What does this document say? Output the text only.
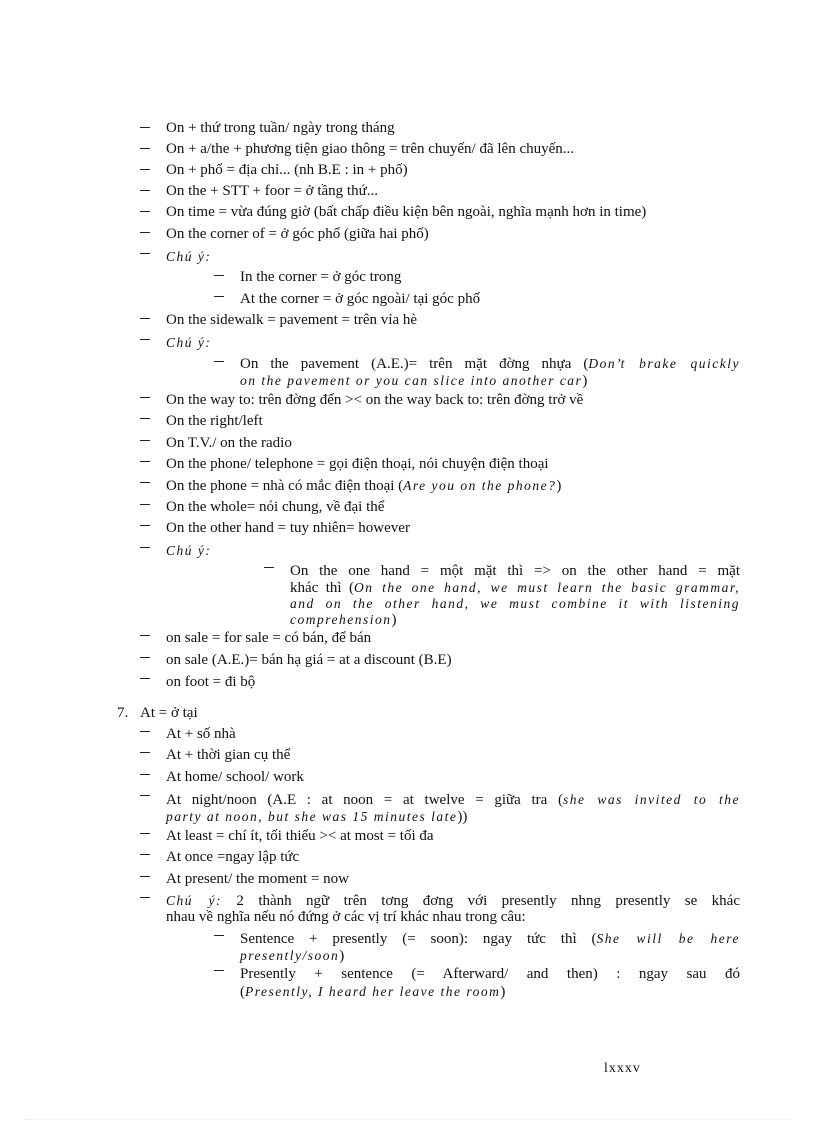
On + thứ trong tuần/ ngày trong tháng
On + a/the + phương tiện giao thông = trên chuyến/ đã lên chuyến...
On + phố = địa chỉ... (nh B.E : in + phố)
On the + STT + foor = ở tầng thứ...
On time = vừa đúng giờ (bất chấp điều kiện bên ngoài, nghĩa mạnh hơn in time)
On the corner of = ở góc phố (giữa hai phố)
Chú ý:
In the corner = ở góc trong
At the corner = ở góc ngoài/ tại góc phố
On the sidewalk = pavement = trên vỉa hè
Chú ý:
On the pavement (A.E.)= trên mặt đờng nhựa (Don’t brake quickly
on the pavement or you can slice into another car)
On the way to: trên đờng đến >< on the way back to: trên đờng trở về
On the right/left
On T.V./ on the radio
On the phone/ telephone = gọi điện thoại, nói chuyện điện thoại
On the phone = nhà có mắc điện thoại (Are you on the phone?)
On the whole= nói chung, về đại thể
On the other hand = tuy nhiên= however
Chú ý:
On the one hand = một mặt thì => on the other hand = mặt
khác thì (On the one hand, we must learn the basic grammar,
and on the other hand, we must combine it with listening
comprehension)
on sale = for sale = có bán, để bán
on sale (A.E.)= bán hạ giá = at a discount (B.E)
on foot = đi bộ
7. At = ở tại
At + số nhà
At + thời gian cụ thể
At home/ school/ work
At night/noon (A.E : at noon = at twelve = giữa tra (she was invited to the
party at noon, but she was 15 minutes late))
At least = chí ít, tối thiểu >< at most = tối đa
At once =ngay lập tức
At present/ the moment = now
Chú ý: 2 thành ngữ trên tơng đơng với presently nhng presently se khác
nhau về nghĩa nếu nó đứng ở các vị trí khác nhau trong câu:
Sentence + presently (= soon): ngay tức thì (She will be here
presently/soon)
Presently + sentence (= Afterward/ and then) : ngay sau đó
(Presently, I heard her leave the room)
lxxxv
